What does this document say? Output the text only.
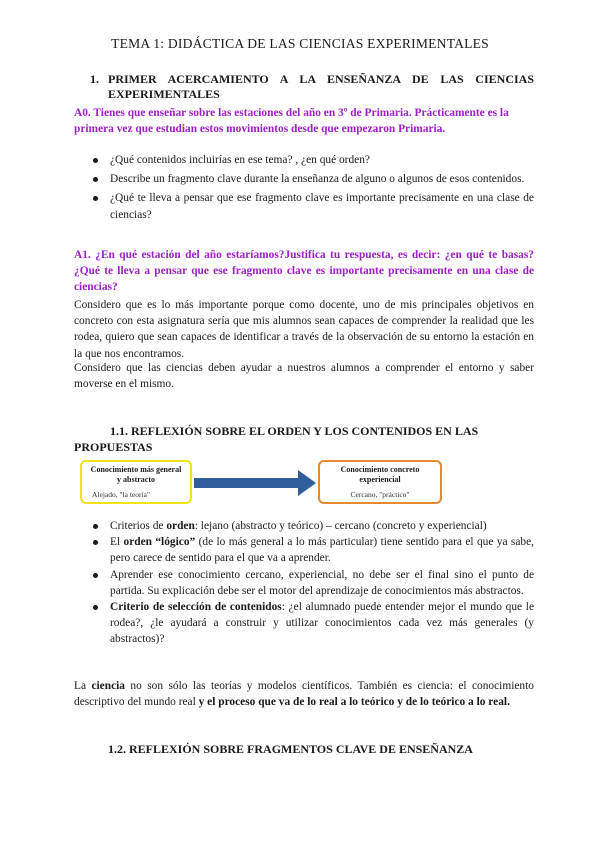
TEMA 1: DIDÁCTICA DE LAS CIENCIAS EXPERIMENTALES
1. PRIMER ACERCAMIENTO A LA ENSEÑANZA DE LAS CIENCIAS EXPERIMENTALES
A0. Tienes que enseñar sobre las estaciones del año en 3º de Primaria. Prácticamente es la primera vez que estudian estos movimientos desde que empezaron Primaria.
¿Qué contenidos incluirías en ese tema? , ¿en qué orden?
Describe un fragmento clave durante la enseñanza de alguno o algunos de esos contenidos.
¿Qué te lleva a pensar que ese fragmento clave es importante precisamente en una clase de ciencias?
A1. ¿En qué estación del año estaríamos?Justifica tu respuesta, es decir: ¿en qué te basas? ¿Qué te lleva a pensar que ese fragmento clave es importante precisamente en una clase de ciencias?
Considero que es lo más importante porque como docente, uno de mis principales objetivos en concreto con esta asignatura sería que mis alumnos sean capaces de comprender la realidad que les rodea, quiero que sean capaces de identificar a través de la observación de su entorno la estación en la que nos encontramos.
Considero que las ciencias deben ayudar a nuestros alumnos a comprender el entorno y saber moverse en el mismo.
1.1. REFLEXIÓN SOBRE EL ORDEN Y LOS CONTENIDOS EN LAS
PROPUESTAS
Conocimiento más general y abstracto
Alejado, "la teoría"
Conocimiento concreto experiencial
Cercano, "práctico"
Criterios de orden: lejano (abstracto y teórico) – cercano (concreto y experiencial)
El orden “lógico” (de lo más general a lo más particular) tiene sentido para el que ya sabe, pero carece de sentido para el que va a aprender.
Aprender ese conocimiento cercano, experiencial, no debe ser el final sino el punto de partida. Su explicación debe ser el motor del aprendizaje de conocimientos más abstractos.
Criterio de selección de contenidos: ¿el alumnado puede entender mejor el mundo que le rodea?, ¿le ayudará a construir y utilizar conocimientos cada vez más generales (y abstractos)?
La ciencia no son sólo las teorías y modelos científicos. También es ciencia: el conocimiento descriptivo del mundo real y el proceso que va de lo real a lo teórico y de lo teórico a lo real.
1.2. REFLEXIÓN SOBRE FRAGMENTOS CLAVE DE ENSEÑANZA
